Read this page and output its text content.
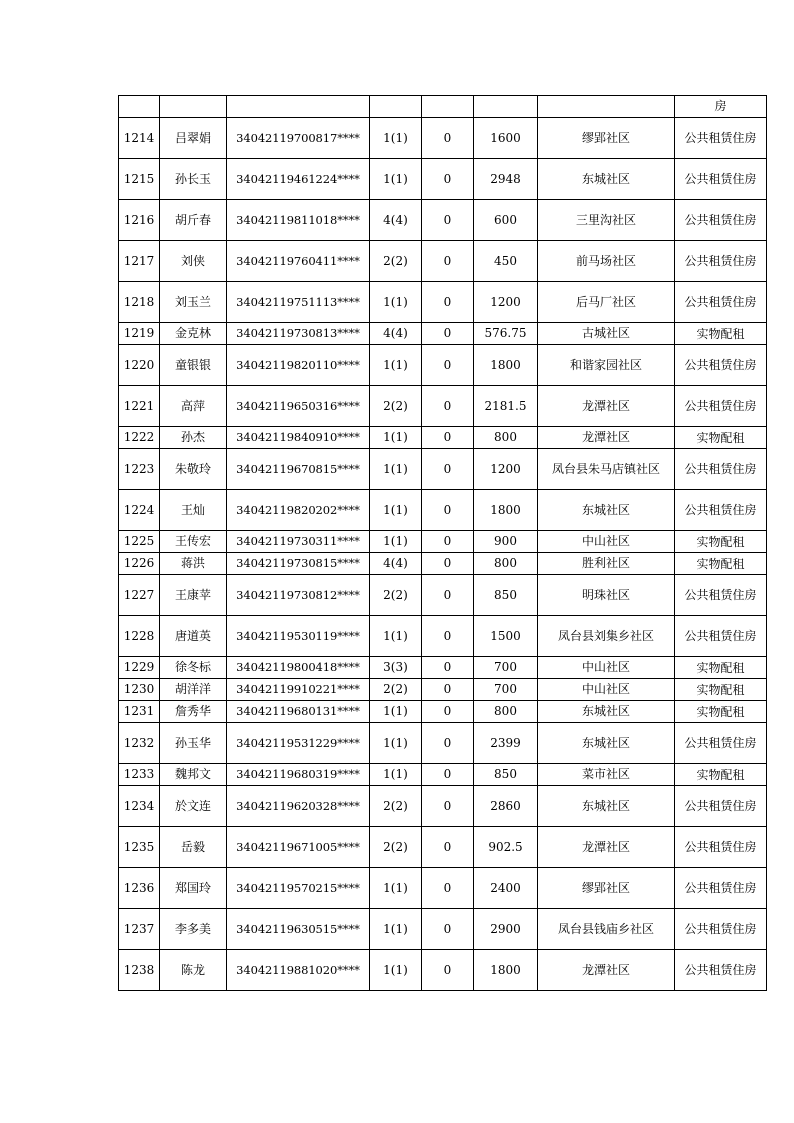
							房
1214	吕翠娟	34042119700817****	1(1)	0	1600	缪郢社区	公共租赁住房
1215	孙长玉	34042119461224****	1(1)	0	2948	东城社区	公共租赁住房
1216	胡斤春	34042119811018****	4(4)	0	600	三里沟社区	公共租赁住房
1217	刘侠	34042119760411****	2(2)	0	450	前马场社区	公共租赁住房
1218	刘玉兰	34042119751113****	1(1)	0	1200	后马厂社区	公共租赁住房
1219	金克林	34042119730813****	4(4)	0	576.75	古城社区	实物配租
1220	童银银	34042119820110****	1(1)	0	1800	和谐家园社区	公共租赁住房
1221	高萍	34042119650316****	2(2)	0	2181.5	龙潭社区	公共租赁住房
1222	孙杰	34042119840910****	1(1)	0	800	龙潭社区	实物配租
1223	朱敬玲	34042119670815****	1(1)	0	1200	凤台县朱马店镇社区	公共租赁住房
1224	王灿	34042119820202****	1(1)	0	1800	东城社区	公共租赁住房
1225	王传宏	34042119730311****	1(1)	0	900	中山社区	实物配租
1226	蒋洪	34042119730815****	4(4)	0	800	胜利社区	实物配租
1227	王康苹	34042119730812****	2(2)	0	850	明珠社区	公共租赁住房
1228	唐道英	34042119530119****	1(1)	0	1500	凤台县刘集乡社区	公共租赁住房
1229	徐冬标	34042119800418****	3(3)	0	700	中山社区	实物配租
1230	胡洋洋	34042119910221****	2(2)	0	700	中山社区	实物配租
1231	詹秀华	34042119680131****	1(1)	0	800	东城社区	实物配租
1232	孙玉华	34042119531229****	1(1)	0	2399	东城社区	公共租赁住房
1233	魏邦文	34042119680319****	1(1)	0	850	菜市社区	实物配租
1234	於文连	34042119620328****	2(2)	0	2860	东城社区	公共租赁住房
1235	岳毅	34042119671005****	2(2)	0	902.5	龙潭社区	公共租赁住房
1236	郑国玲	34042119570215****	1(1)	0	2400	缪郢社区	公共租赁住房
1237	李多美	34042119630515****	1(1)	0	2900	凤台县钱庙乡社区	公共租赁住房
1238	陈龙	34042119881020****	1(1)	0	1800	龙潭社区	公共租赁住房
